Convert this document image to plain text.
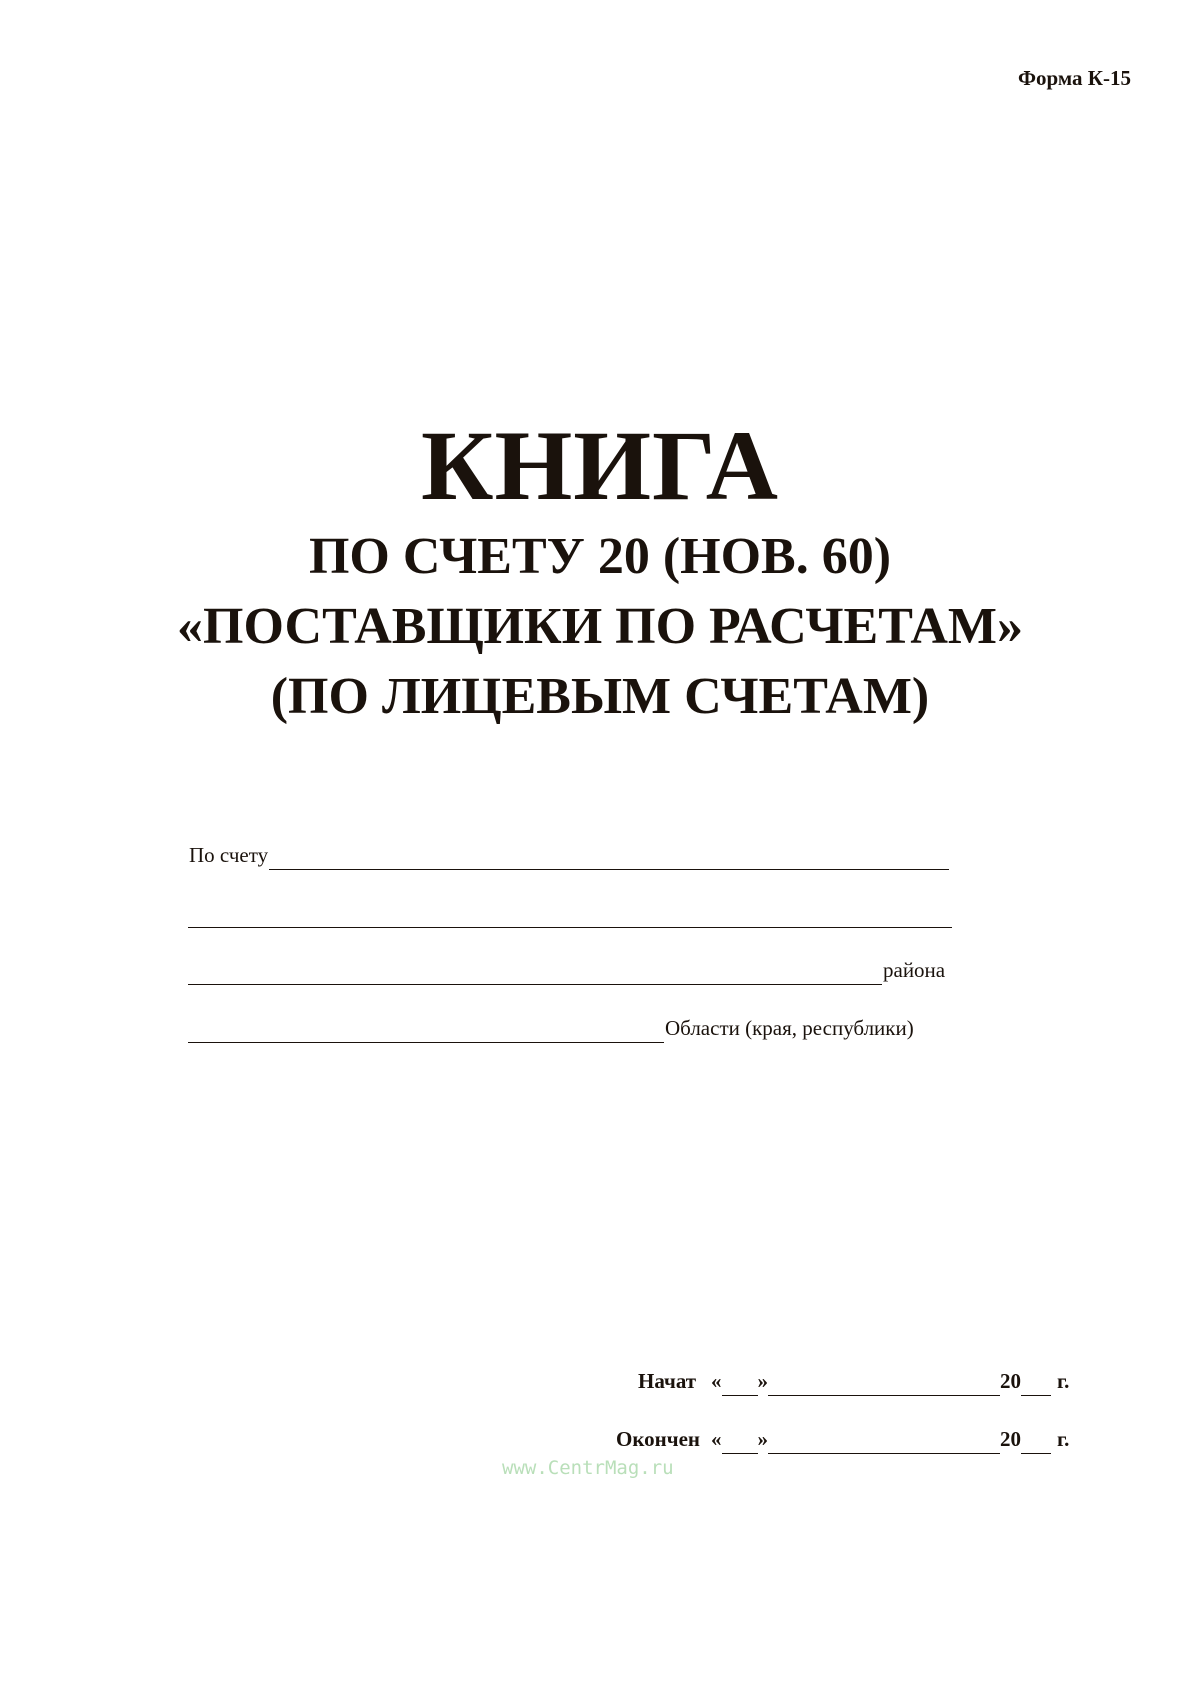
Форма К-15
КНИГА
ПО СЧЕТУ 20 (НОВ. 60)
«ПОСТАВЩИКИ ПО РАСЧЕТАМ»
(ПО ЛИЦЕВЫМ СЧЕТАМ)
По счету
района
Области (края, республики)
Начат « »	20 г.
Окончен « »	20 г.
www.CentrMag.ru
